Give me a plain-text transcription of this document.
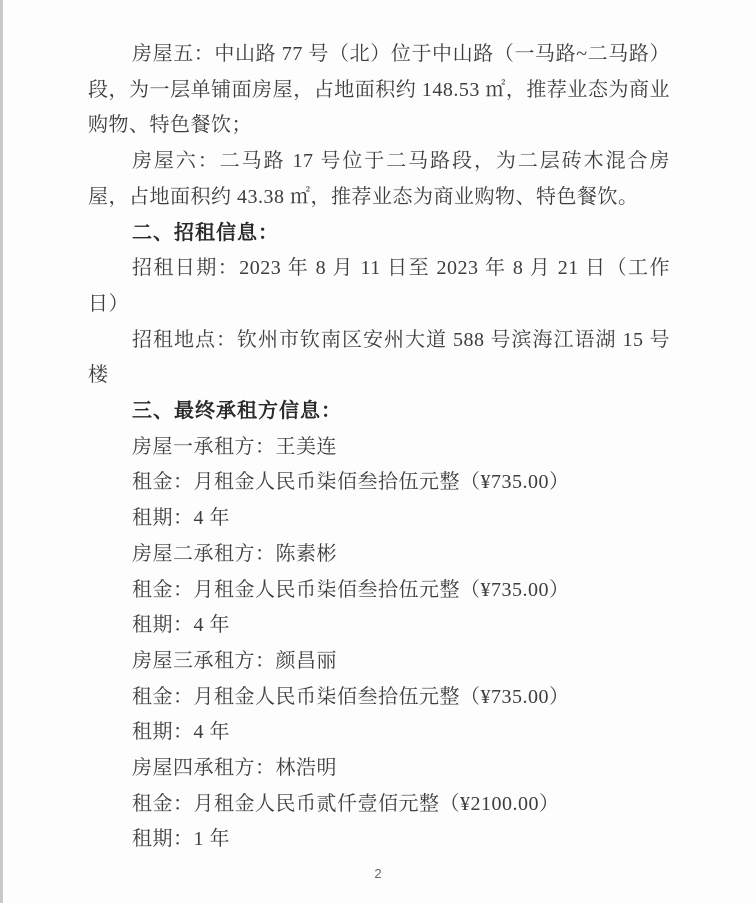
房屋五：中山路 77 号（北）位于中山路（一马路~二马路）段，为一层单铺面房屋，占地面积约 148.53 ㎡，推荐业态为商业购物、特色餐饮；

房屋六：二马路 17 号位于二马路段，为二层砖木混合房屋，占地面积约 43.38 ㎡，推荐业态为商业购物、特色餐饮。

二、招租信息：

招租日期：2023 年 8 月 11 日至 2023 年 8 月 21 日（工作日）

招租地点：钦州市钦南区安州大道 588 号滨海江语湖 15 号楼

三、最终承租方信息：

房屋一承租方：王美连

租金：月租金人民币柒佰叁拾伍元整（¥735.00）

租期：4 年

房屋二承租方：陈素彬

租金：月租金人民币柒佰叁拾伍元整（¥735.00）

租期：4 年

房屋三承租方：颜昌丽

租金：月租金人民币柒佰叁拾伍元整（¥735.00）

租期：4 年

房屋四承租方：林浩明

租金：月租金人民币贰仟壹佰元整（¥2100.00）

租期：1 年

2
